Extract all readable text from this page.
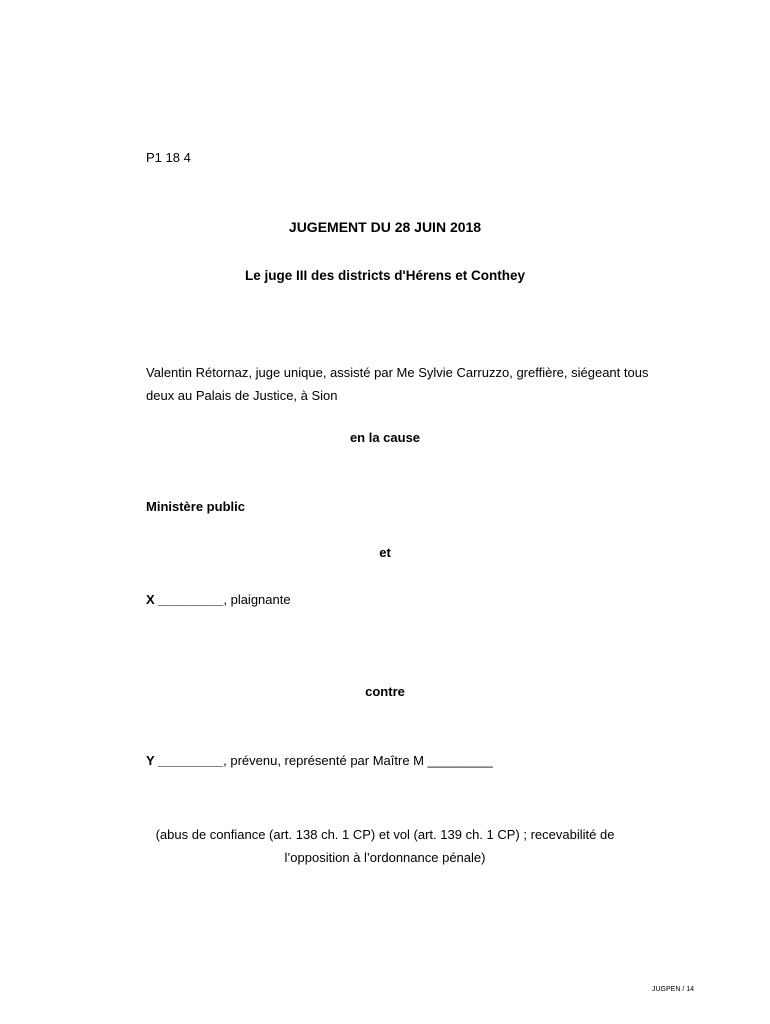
P1 18 4
JUGEMENT DU 28 JUIN 2018
Le juge III des districts d'Hérens et Conthey
Valentin Rétornaz, juge unique, assisté par Me Sylvie Carruzzo, greffière, siégeant tous
deux au Palais de Justice, à Sion
en la cause
Ministère public
et
X _________, plaignante
contre
Y _________, prévenu, représenté par Maître M _________
(abus de confiance (art. 138 ch. 1 CP) et vol (art. 139 ch. 1 CP) ; recevabilité de
l’opposition à l’ordonnance pénale)
JUGPEN / 14
